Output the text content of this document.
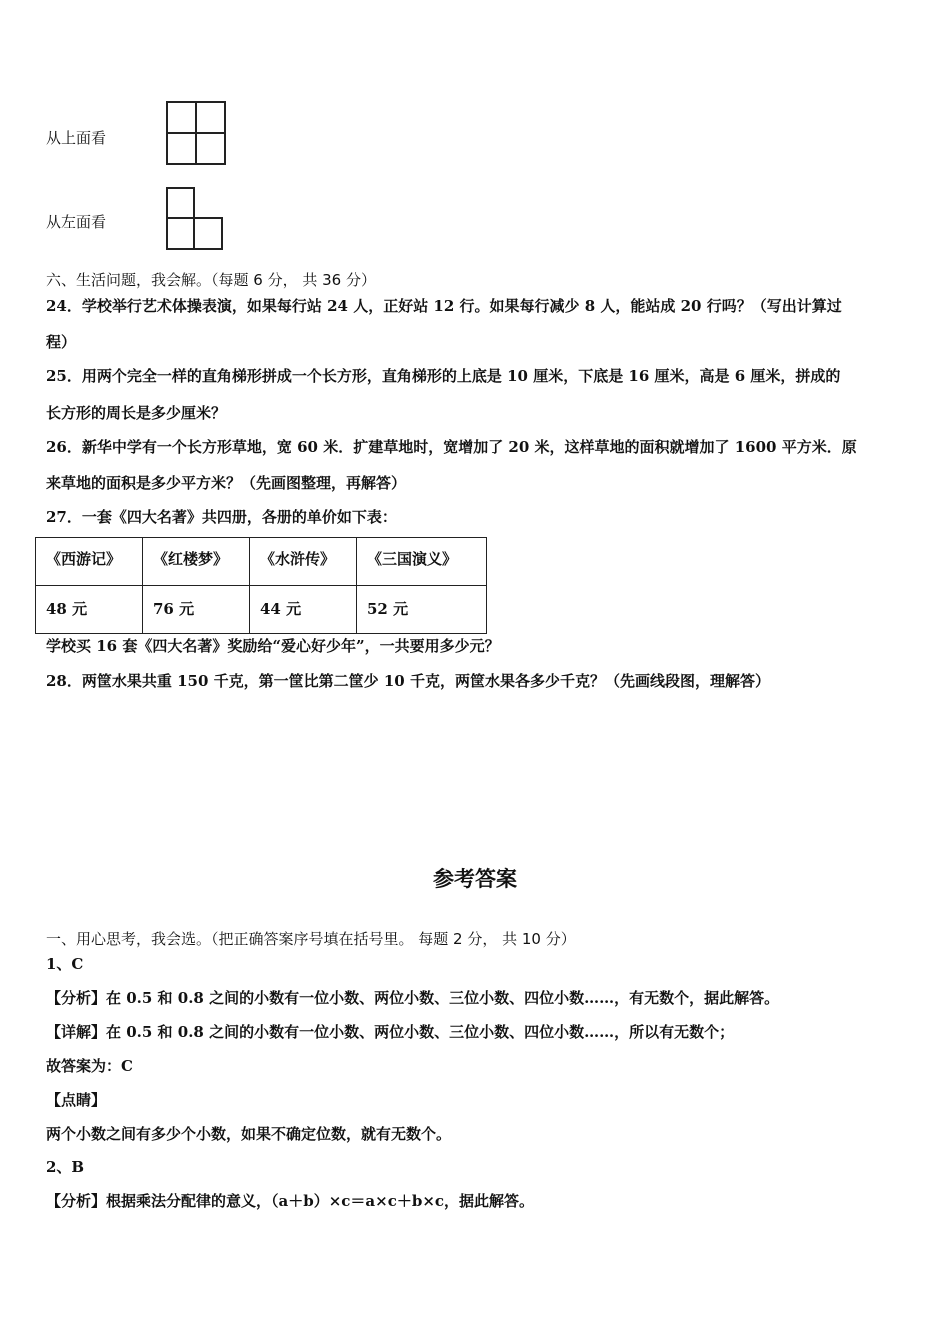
从上面看
从左面看
六、生活问题，我会解。（每题 6 分， 共 36 分）
24．学校举行艺术体操表演，如果每行站 24 人，正好站 12 行。如果每行减少 8 人，能站成 20 行吗？（写出计算过
程）
25．用两个完全一样的直角梯形拼成一个长方形，直角梯形的上底是 10 厘米，下底是 16 厘米，高是 6 厘米，拼成的
长方形的周长是多少厘米？
26．新华中学有一个长方形草地，宽 60 米．扩建草地时，宽增加了 20 米，这样草地的面积就增加了 1600 平方米．原
来草地的面积是多少平方米？（先画图整理，再解答）
27．一套《四大名著》共四册，各册的单价如下表：
《西游记》	《红楼梦》	《水浒传》	《三国演义》
48 元	76 元	44 元	52 元
学校买 16 套《四大名著》奖励给“爱心好少年”，一共要用多少元？
28．两筐水果共重 150 千克，第一筐比第二筐少 10 千克，两筐水果各多少千克？（先画线段图，理解答）
参考答案
一、用心思考，我会选。（把正确答案序号填在括号里。 每题 2 分， 共 10 分）
1、C
【分析】在 0.5 和 0.8 之间的小数有一位小数、两位小数、三位小数、四位小数……，有无数个，据此解答。
【详解】在 0.5 和 0.8 之间的小数有一位小数、两位小数、三位小数、四位小数……，所以有无数个；
故答案为：C
【点睛】
两个小数之间有多少个小数，如果不确定位数，就有无数个。
2、B
【分析】根据乘法分配律的意义，（a＋b）×c＝a×c＋b×c，据此解答。
